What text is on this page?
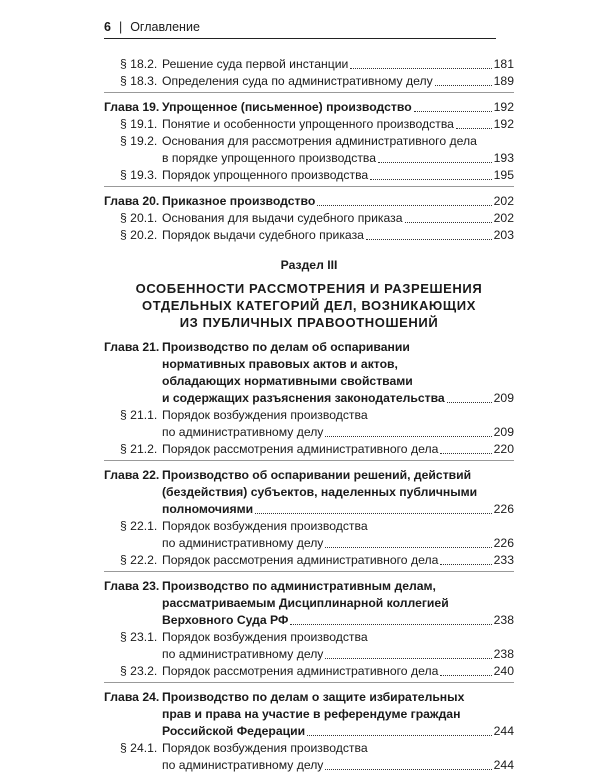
6 | Оглавление
§ 18.2. Решение суда первой инстанции	181
§ 18.3. Определения суда по административному делу	189
Глава 19. Упрощенное (письменное) производство	192
§ 19.1. Понятие и особенности упрощенного производства	192
§ 19.2. Основания для рассмотрения административного дела
в порядке упрощенного производства	193
§ 19.3. Порядок упрощенного производства	195
Глава 20. Приказное производство	202
§ 20.1. Основания для выдачи судебного приказа	202
§ 20.2. Порядок выдачи судебного приказа	203
Раздел III
ОСОБЕННОСТИ РАССМОТРЕНИЯ И РАЗРЕШЕНИЯ
ОТДЕЛЬНЫХ КАТЕГОРИЙ ДЕЛ, ВОЗНИКАЮЩИХ
ИЗ ПУБЛИЧНЫХ ПРАВООТНОШЕНИЙ
Глава 21. Производство по делам об оспаривании
нормативных правовых актов и актов,
обладающих нормативными свойствами
и содержащих разъяснения законодательства	209
§ 21.1. Порядок возбуждения производства
по административному делу	209
§ 21.2. Порядок рассмотрения административного дела	220
Глава 22. Производство об оспаривании решений, действий
(бездействия) субъектов, наделенных публичными
полномочиями	226
§ 22.1. Порядок возбуждения производства
по административному делу	226
§ 22.2. Порядок рассмотрения административного дела	233
Глава 23. Производство по административным делам,
рассматриваемым Дисциплинарной коллегией
Верховного Суда РФ	238
§ 23.1. Порядок возбуждения производства
по административному делу	238
§ 23.2. Порядок рассмотрения административного дела	240
Глава 24. Производство по делам о защите избирательных
прав и права на участие в референдуме граждан
Российской Федерации	244
§ 24.1. Порядок возбуждения производства
по административному делу	244
